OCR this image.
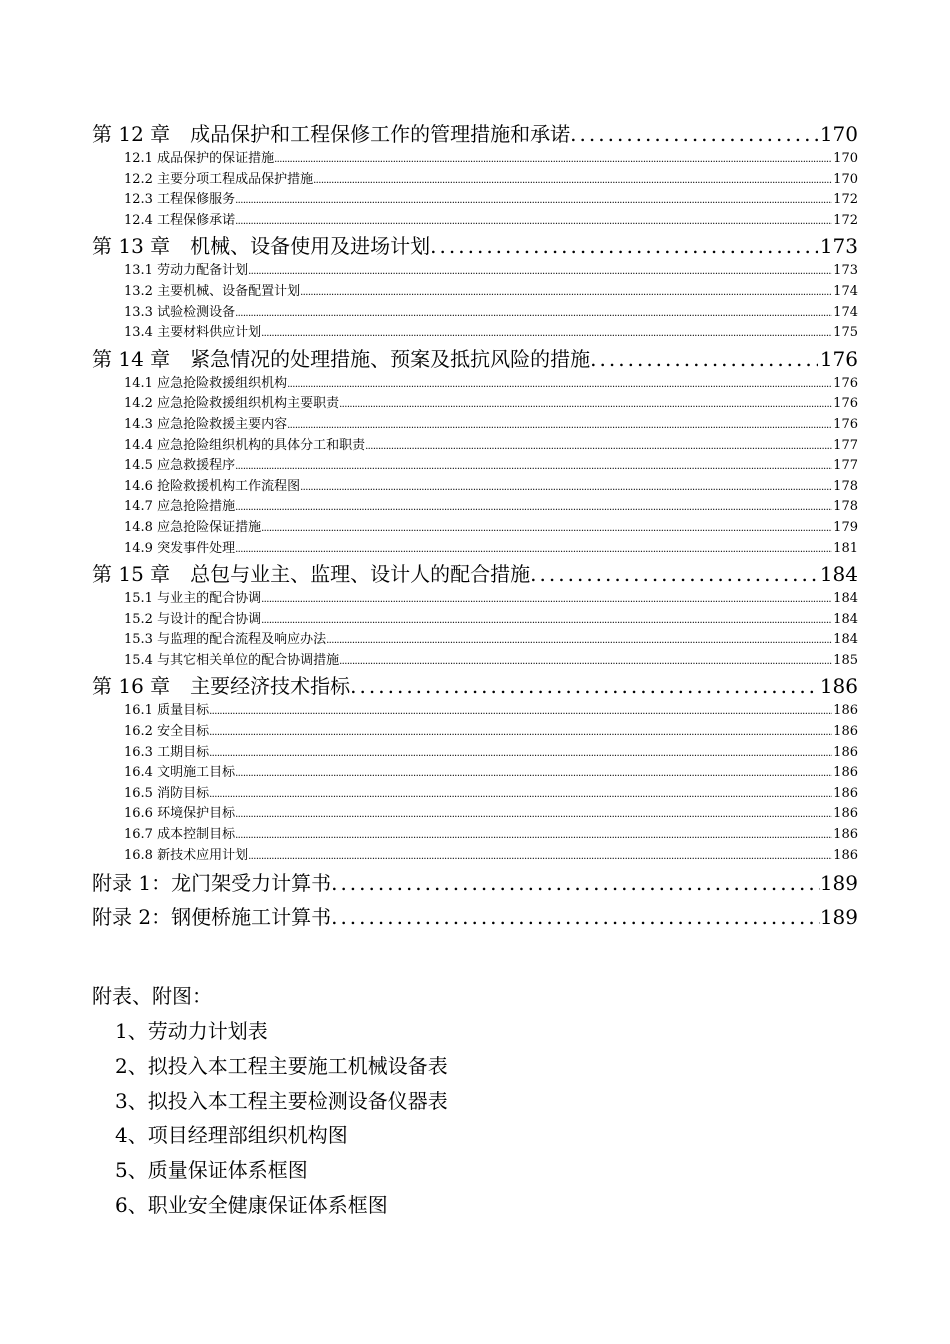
第 12 章　成品保护和工程保修工作的管理措施和承诺 .....	170
12.1 成品保护的保证措施 .....	170
12.2 主要分项工程成品保护措施 .....	170
12.3 工程保修服务 .....	172
12.4 工程保修承诺 .....	172
第 13 章　机械、设备使用及进场计划 .....	173
13.1 劳动力配备计划 .....	173
13.2 主要机械、设备配置计划 .....	174
13.3 试验检测设备 .....	174
13.4 主要材料供应计划 .....	175
第 14 章　紧急情况的处理措施、预案及抵抗风险的措施 .....	176
14.1 应急抢险救援组织机构 .....	176
14.2 应急抢险救援组织机构主要职责 .....	176
14.3 应急抢险救援主要内容 .....	176
14.4 应急抢险组织机构的具体分工和职责 .....	177
14.5 应急救援程序 .....	177
14.6 抢险救援机构工作流程图 .....	178
14.7 应急抢险措施 .....	178
14.8 应急抢险保证措施 .....	179
14.9 突发事件处理 .....	181
第 15 章　总包与业主、监理、设计人的配合措施 .....	184
15.1 与业主的配合协调 .....	184
15.2 与设计的配合协调 .....	184
15.3 与监理的配合流程及响应办法 .....	184
15.4 与其它相关单位的配合协调措施 .....	185
第 16 章　主要经济技术指标 .....	186
16.1 质量目标 .....	186
16.2 安全目标 .....	186
16.3 工期目标 .....	186
16.4 文明施工目标 .....	186
16.5 消防目标 .....	186
16.6 环境保护目标 .....	186
16.7 成本控制目标 .....	186
16.8 新技术应用计划 .....	186
附录 1：龙门架受力计算书 .....	189
附录 2：钢便桥施工计算书 .....	189
附表、附图：
1、劳动力计划表
2、拟投入本工程主要施工机械设备表
3、拟投入本工程主要检测设备仪器表
4、项目经理部组织机构图
5、质量保证体系框图
6、职业安全健康保证体系框图
